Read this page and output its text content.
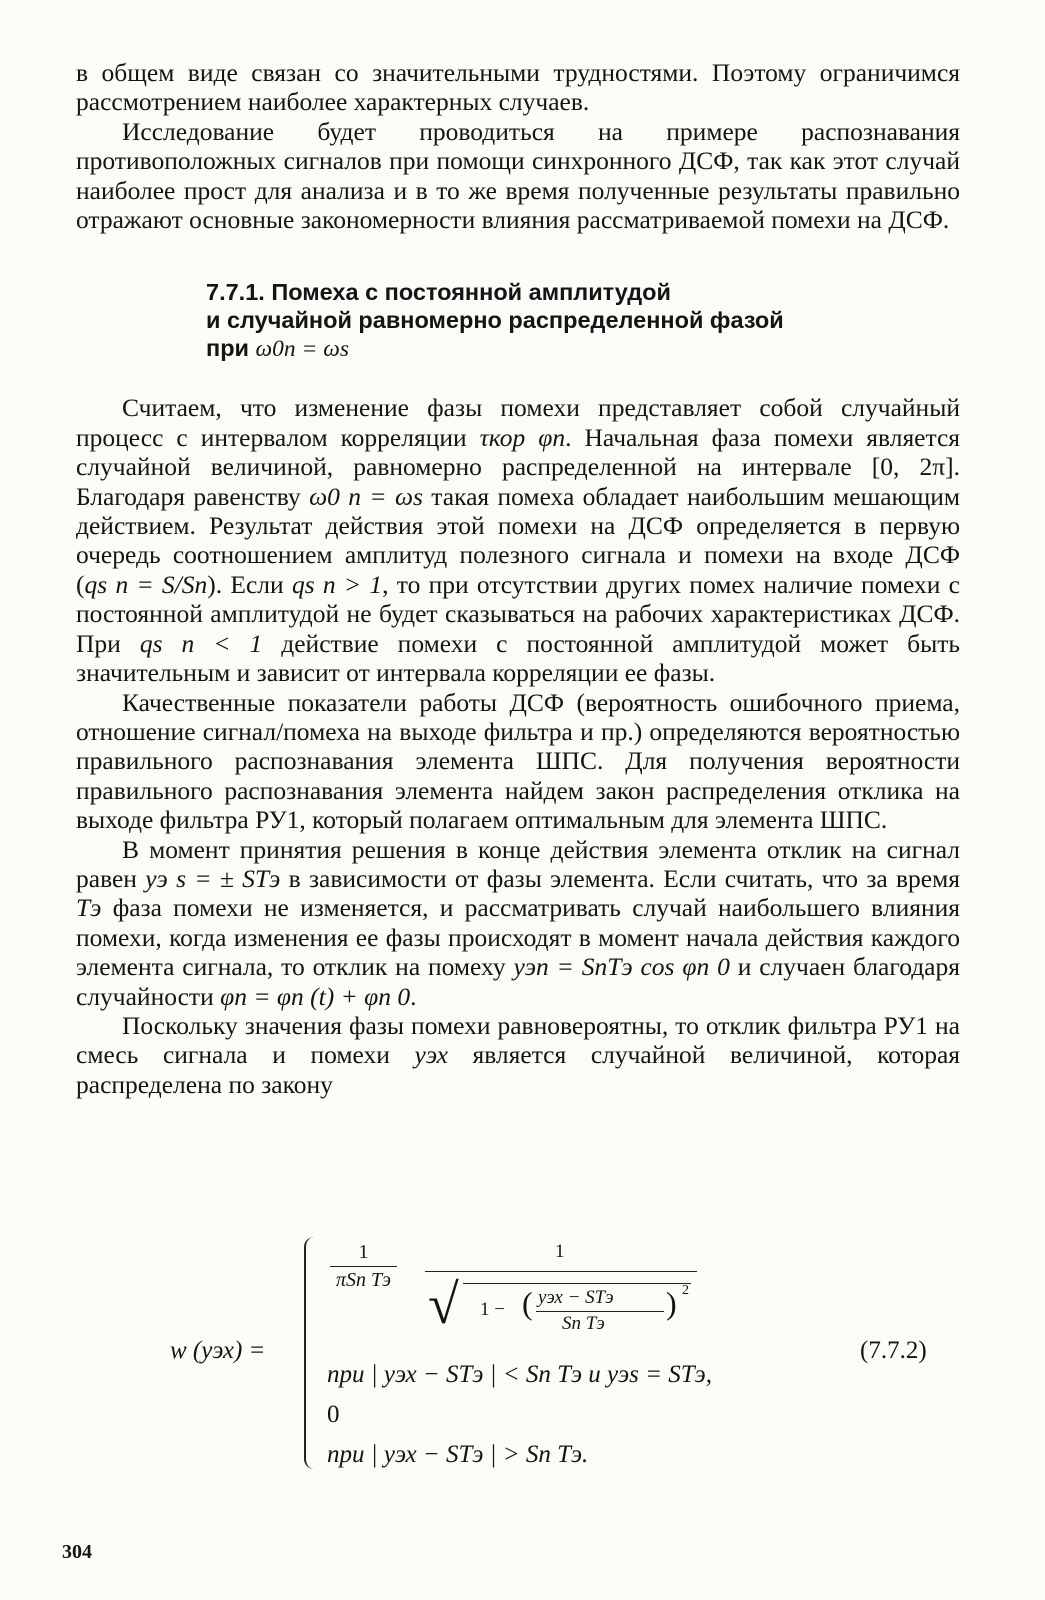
в общем виде связан со значительными трудностями. Поэтому ограничимся рассмотрением наиболее характерных случаев.

Исследование будет проводиться на примере распознавания противоположных сигналов при помощи синхронного ДСФ, так как этот случай наиболее прост для анализа и в то же время полученные результаты правильно отражают основные закономерности влияния рассматриваемой помехи на ДСФ.

7.7.1. Помеха с постоянной амплитудой
и случайной равномерно распределенной фазой
при ω0n = ωs

Считаем, что изменение фазы помехи представляет собой случайный процесс с интервалом корреляции τкор φn. Начальная фаза помехи является случайной величиной, равномерно распределенной на интервале [0, 2π]. Благодаря равенству ω0 n = ωs такая помеха обладает наибольшим мешающим действием. Результат действия этой помехи на ДСФ определяется в первую очередь соотношением амплитуд полезного сигнала и помехи на входе ДСФ (qs n = S/Sn). Если qs n > 1, то при отсутствии других помех наличие помехи с постоянной амплитудой не будет сказываться на рабочих характеристиках ДСФ. При qs n < 1 действие помехи с постоянной амплитудой может быть значительным и зависит от интервала корреляции ее фазы.

Качественные показатели работы ДСФ (вероятность ошибочного приема, отношение сигнал/помеха на выходе фильтра и пр.) определяются вероятностью правильного распознавания элемента ШПС. Для получения вероятности правильного распознавания элемента найдем закон распределения отклика на выходе фильтра РУ1, который полагаем оптимальным для элемента ШПС.

В момент принятия решения в конце действия элемента отклик на сигнал равен yэ s = ± STэ в зависимости от фазы элемента. Если считать, что за время Tэ фаза помехи не изменяется, и рассматривать случай наибольшего влияния помехи, когда изменения ее фазы происходят в момент начала действия каждого элемента сигнала, то отклик на помеху yэn = SnTэ cos φn 0 и случаен благодаря случайности φn = φn (t) + φn 0.

Поскольку значения фазы помехи равновероятны, то отклик фильтра РУ1 на смесь сигнала и помехи yэх является случайной величиной, которая распределена по закону

w (yэх) =
1
πSn Tэ
1
√ 1 − ( yэх − STэ
Sn Tэ
) 2
(7.7.2)
при | yэх − STэ | < Sn Tэ и yэs = STэ,
0
при | yэх − STэ | > Sn Tэ.
304
